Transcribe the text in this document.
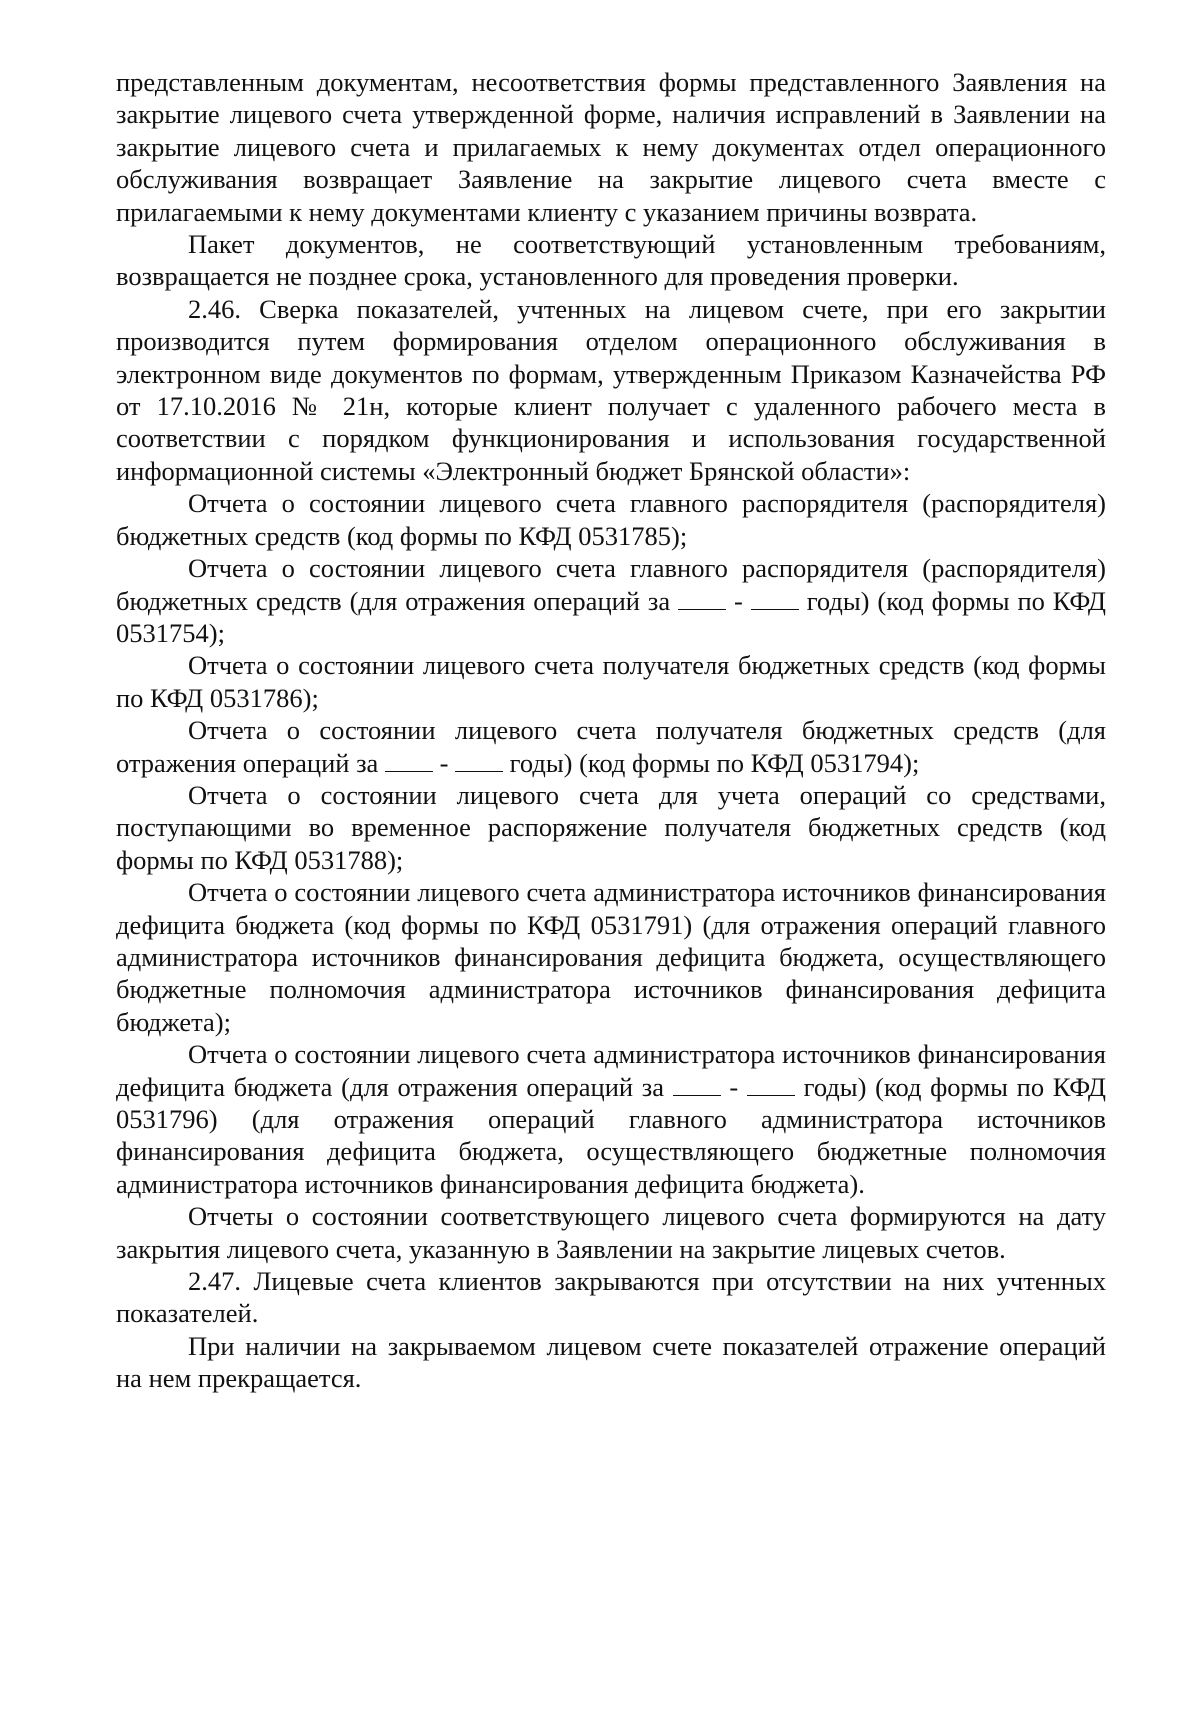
представленным документам, несоответствия формы представленного Заявления на закрытие лицевого счета утвержденной форме, наличия исправлений в Заявлении на закрытие лицевого счета и прилагаемых к нему документах отдел операционного обслуживания возвращает Заявление на закрытие лицевого счета вместе с прилагаемыми к нему документами клиенту с указанием причины возврата.

Пакет документов, не соответствующий установленным требованиям, возвращается не позднее срока, установленного для проведения проверки.

2.46. Сверка показателей, учтенных на лицевом счете, при его закрытии производится путем формирования отделом операционного обслуживания в электронном виде документов по формам, утвержденным Приказом Казначейства РФ от 17.10.2016 № 21н, которые клиент получает с удаленного рабочего места в соответствии с порядком функционирования и использования государственной информационной системы «Электронный бюджет Брянской области»:

Отчета о состоянии лицевого счета главного распорядителя (распорядителя) бюджетных средств (код формы по КФД 0531785);

Отчета о состоянии лицевого счета главного распорядителя (распорядителя) бюджетных средств (для отражения операций за  -  годы) (код формы по КФД 0531754);

Отчета о состоянии лицевого счета получателя бюджетных средств (код формы по КФД 0531786);

Отчета о состоянии лицевого счета получателя бюджетных средств (для отражения операций за  -  годы) (код формы по КФД 0531794);

Отчета о состоянии лицевого счета для учета операций со средствами, поступающими во временное распоряжение получателя бюджетных средств (код формы по КФД 0531788);

Отчета о состоянии лицевого счета администратора источников финансирования дефицита бюджета (код формы по КФД 0531791) (для отражения операций главного администратора источников финансирования дефицита бюджета, осуществляющего бюджетные полномочия администратора источников финансирования дефицита бюджета);

Отчета о состоянии лицевого счета администратора источников финансирования дефицита бюджета (для отражения операций за  -  годы) (код формы по КФД 0531796) (для отражения операций главного администратора источников финансирования дефицита бюджета, осуществляющего бюджетные полномочия администратора источников финансирования дефицита бюджета).

Отчеты о состоянии соответствующего лицевого счета формируются на дату закрытия лицевого счета, указанную в Заявлении на закрытие лицевых счетов.

2.47. Лицевые счета клиентов закрываются при отсутствии на них учтенных показателей.

При наличии на закрываемом лицевом счете показателей отражение операций на нем прекращается.
